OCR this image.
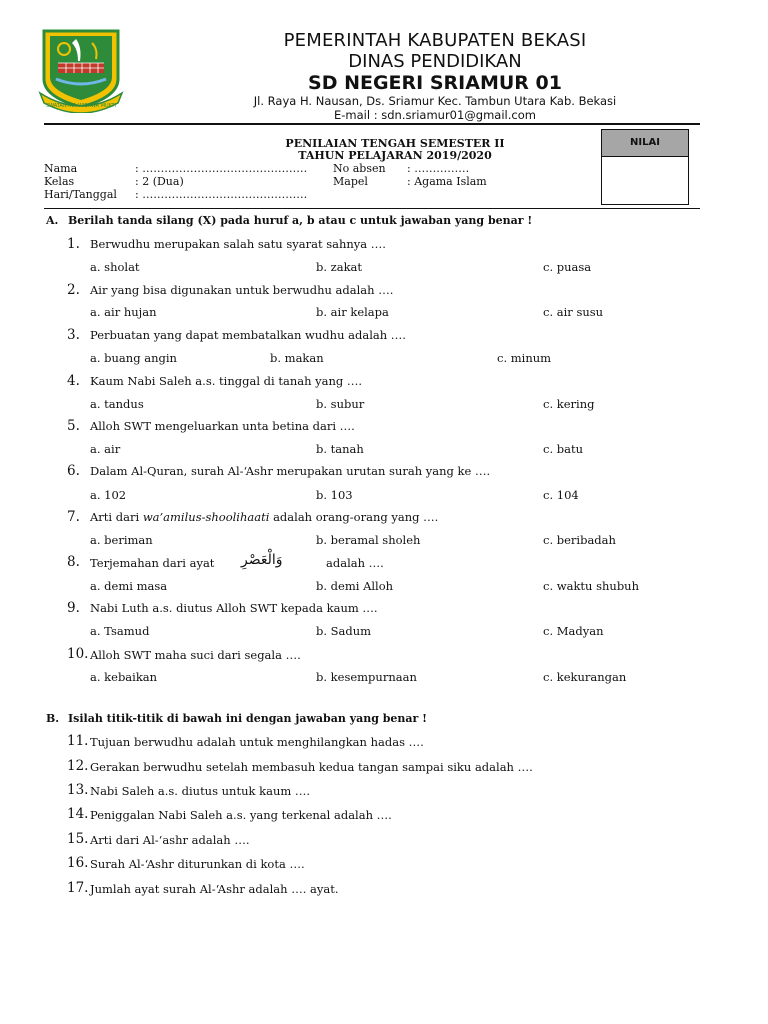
SWATANTRA WIBAWA MUKTI
PEMERINTAH KABUPATEN BEKASI
DINAS PENDIDIKAN
SD NEGERI SRIAMUR 01
Jl. Raya H. Nausan, Ds. Sriamur Kec. Tambun Utara Kab. Bekasi
E-mail : sdn.sriamur01@gmail.com
PENILAIAN TENGAH SEMESTER II
TAHUN PELAJARAN 2019/2020
NILAI
Nama	: ……………………………………… No absen : ……………
Kelas	: 2 (Dua)	Mapel	: Agama Islam
Hari/Tanggal : ………………………………………
A. Berilah tanda silang (X) pada huruf a, b atau c untuk jawaban yang benar !
1. Berwudhu merupakan salah satu syarat sahnya ….
a. sholat	b. zakat	c. puasa
2. Air yang bisa digunakan untuk berwudhu adalah ….
a. air hujan	b. air kelapa	c. air susu
3. Perbuatan yang dapat membatalkan wudhu adalah ….
a. buang angin	b. makan	c. minum
4. Kaum Nabi Saleh a.s. tinggal di tanah yang ….
a. tandus	b. subur	c. kering
5. Alloh SWT mengeluarkan unta betina dari ….
a. air	b. tanah	c. batu
6. Dalam Al-Quran, surah Al-‘Ashr merupakan urutan surah yang ke ….
a. 102	b. 103	c. 104
7. Arti dari wa’amilus-shoolihaati adalah orang-orang yang ….
a. beriman	b. beramal sholeh	c. beribadah
8. Terjemahan dari ayat وَالْعَصْرِ	adalah ….
a. demi masa	b. demi Alloh	c. waktu shubuh
9. Nabi Luth a.s. diutus Alloh SWT kepada kaum ….
a. Tsamud	b. Sadum	c. Madyan
10. Alloh SWT maha suci dari segala ….
a. kebaikan	b. kesempurnaan	c. kekurangan
B. Isilah titik-titik di bawah ini dengan jawaban yang benar !
11. Tujuan berwudhu adalah untuk menghilangkan hadas ….
12. Gerakan berwudhu setelah membasuh kedua tangan sampai siku adalah ….
13. Nabi Saleh a.s. diutus untuk kaum ….
14. Peniggalan Nabi Saleh a.s. yang terkenal adalah ….
15. Arti dari Al-‘ashr adalah ….
16. Surah Al-‘Ashr diturunkan di kota ….
17. Jumlah ayat surah Al-‘Ashr adalah …. ayat.
